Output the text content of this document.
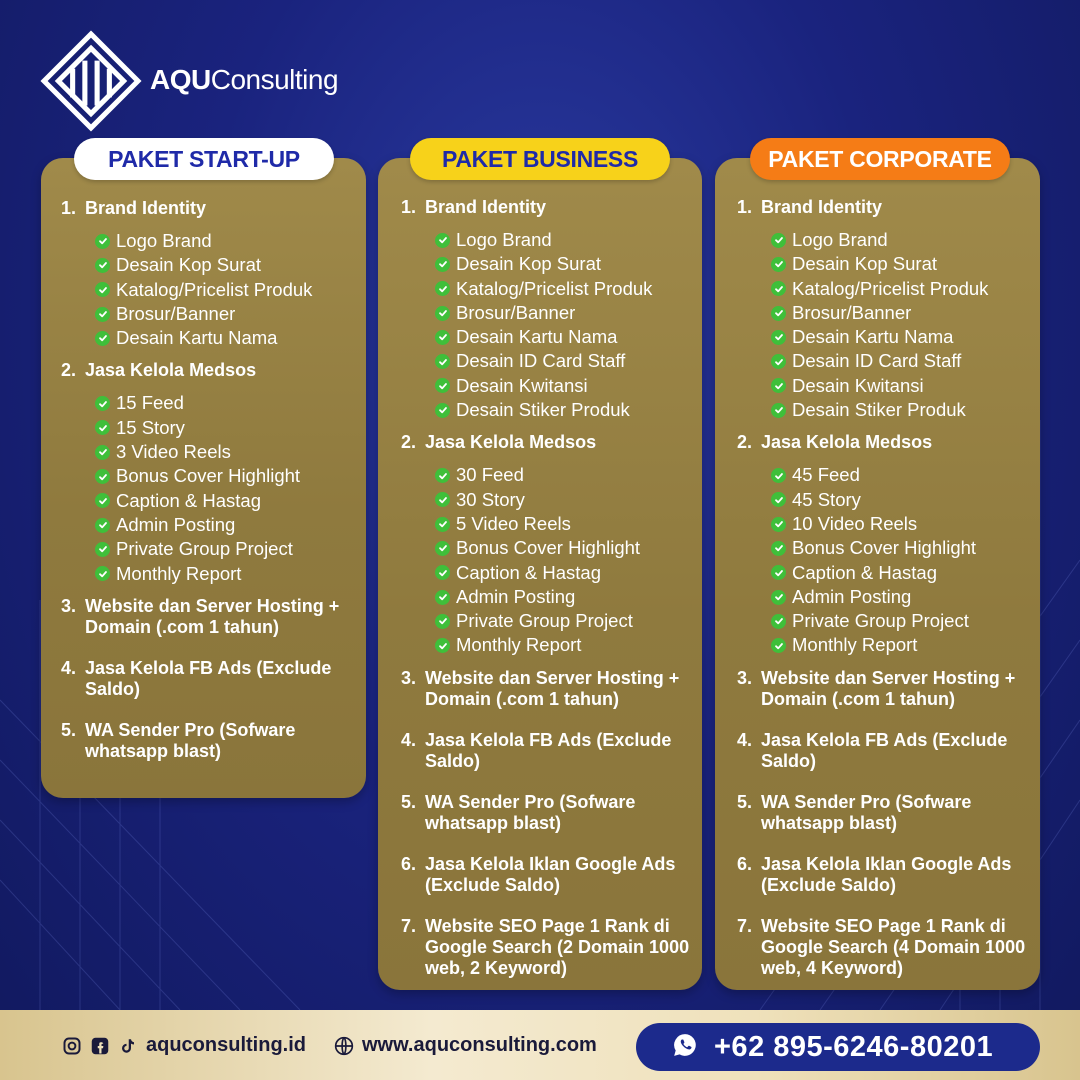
AQUConsulting
PAKET START-UP	PAKET BUSINESS	PAKET CORPORATE
1. Brand Identity
Logo Brand
Desain Kop Surat
Katalog/Pricelist Produk
Brosur/Banner
Desain Kartu Nama
2. Jasa Kelola Medsos
15 Feed
15 Story
3 Video Reels
Bonus Cover Highlight
Caption & Hastag
Admin Posting
Private Group Project
Monthly Report
3. Website dan Server Hosting + Domain (.com 1 tahun)
4. Jasa Kelola FB Ads (Exclude Saldo)
5. WA Sender Pro (Sofware whatsapp blast)
1. Brand Identity
Logo Brand
Desain Kop Surat
Katalog/Pricelist Produk
Brosur/Banner
Desain Kartu Nama
Desain ID Card Staff
Desain Kwitansi
Desain Stiker Produk
2. Jasa Kelola Medsos
30 Feed
30 Story
5 Video Reels
Bonus Cover Highlight
Caption & Hastag
Admin Posting
Private Group Project
Monthly Report
3. Website dan Server Hosting + Domain (.com 1 tahun)
4. Jasa Kelola FB Ads (Exclude Saldo)
5. WA Sender Pro (Sofware whatsapp blast)
6. Jasa Kelola Iklan Google Ads (Exclude Saldo)
7. Website SEO Page 1 Rank di Google Search (2 Domain 1000 web, 2 Keyword)
1. Brand Identity
Logo Brand
Desain Kop Surat
Katalog/Pricelist Produk
Brosur/Banner
Desain Kartu Nama
Desain ID Card Staff
Desain Kwitansi
Desain Stiker Produk
2. Jasa Kelola Medsos
45 Feed
45 Story
10 Video Reels
Bonus Cover Highlight
Caption & Hastag
Admin Posting
Private Group Project
Monthly Report
3. Website dan Server Hosting + Domain (.com 1 tahun)
4. Jasa Kelola FB Ads (Exclude Saldo)
5. WA Sender Pro (Sofware whatsapp blast)
6. Jasa Kelola Iklan Google Ads (Exclude Saldo)
7. Website SEO Page 1 Rank di Google Search (4 Domain 1000 web, 4 Keyword)
aquconsulting.id	www.aquconsulting.com	+62 895-6246-80201
